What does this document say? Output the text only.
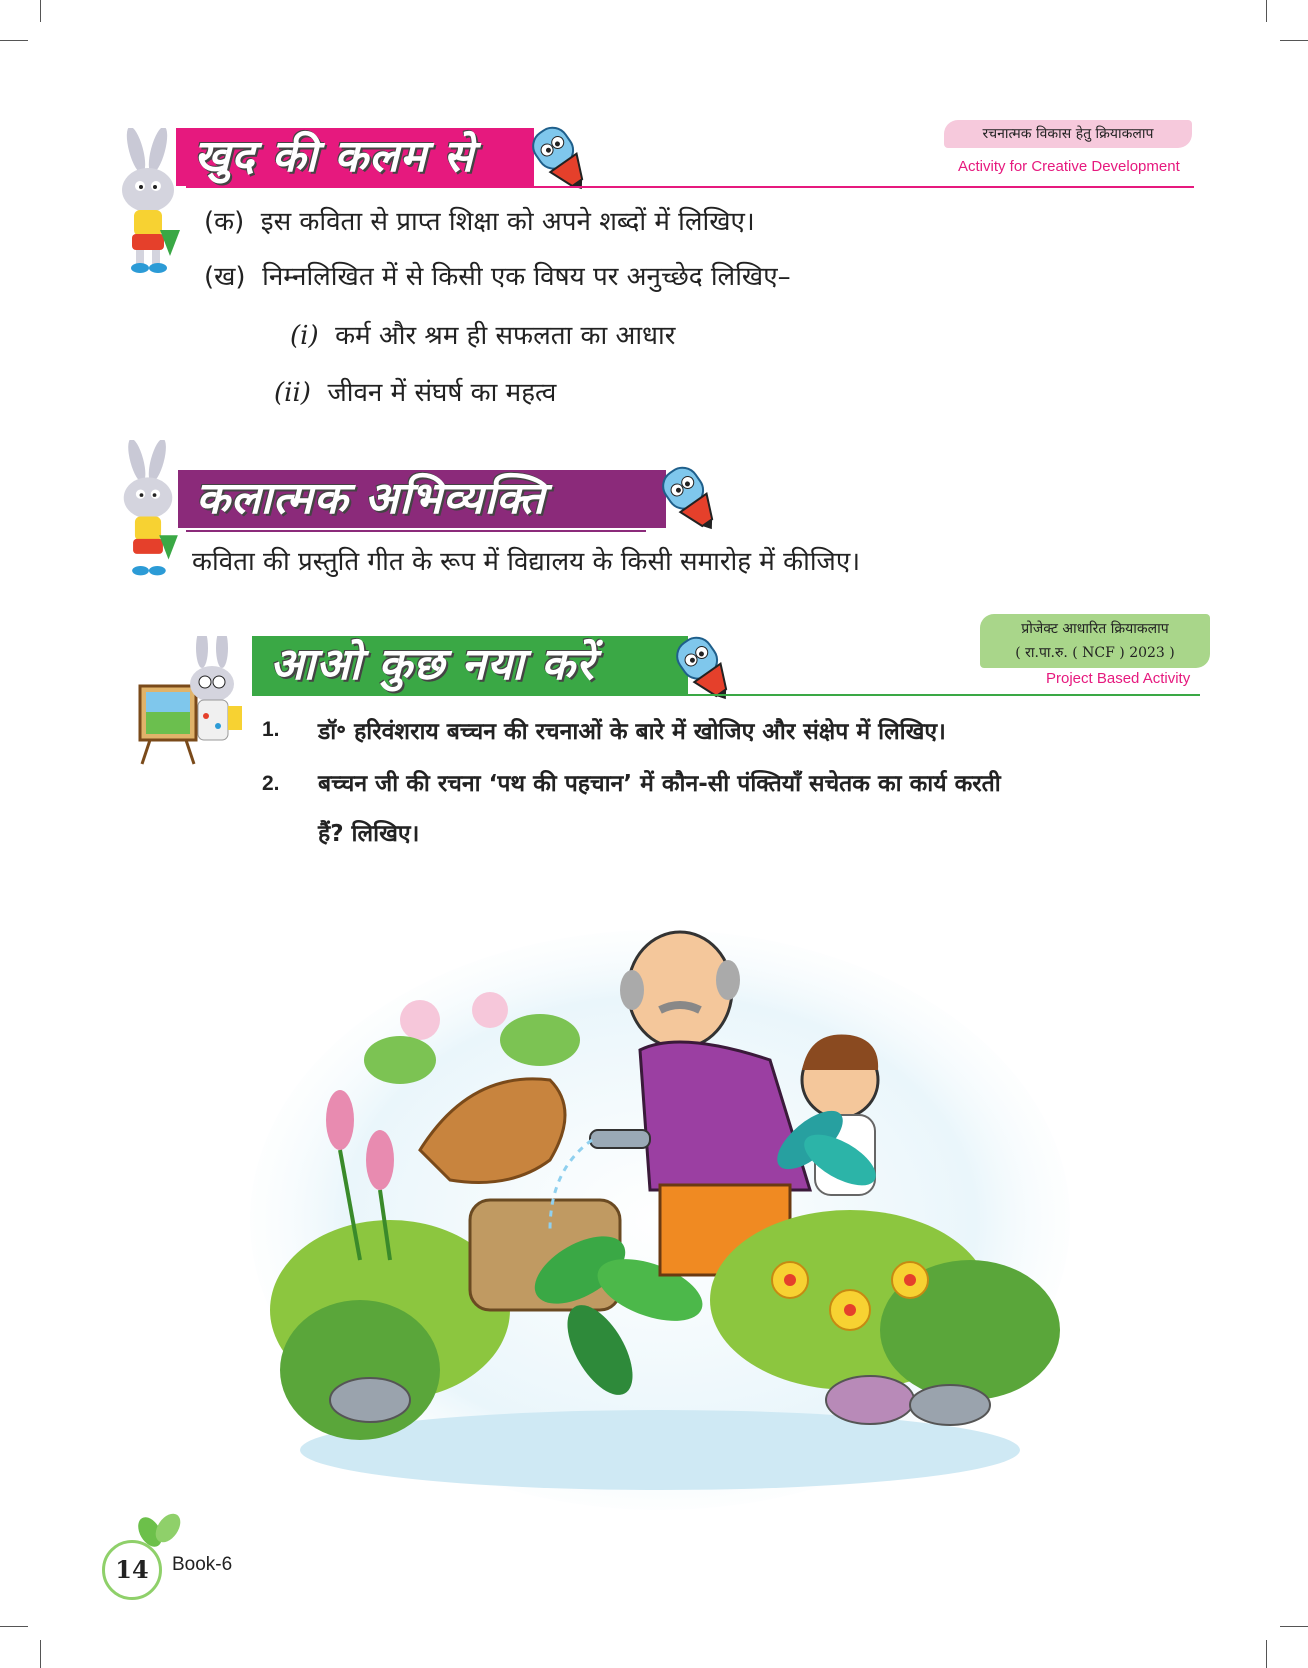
खुद की कलम से	रचनात्मक विकास हेतु क्रियाकलाप
Activity for Creative Development
(क) इस कविता से प्राप्त शिक्षा को अपने शब्दों में लिखिए।
(ख) निम्नलिखित में से किसी एक विषय पर अनुच्छेद लिखिए–
(i) कर्म और श्रम ही सफलता का आधार
(ii) जीवन में संघर्ष का महत्व
कलात्मक अभिव्यक्ति
कविता की प्रस्तुति गीत के रूप में विद्यालय के किसी समारोह में कीजिए।
आओ कुछ नया करें
प्रोजेक्ट आधारित क्रियाकलाप
( रा.पा.रु. ( NCF ) 2023 )
Project Based Activity
1. डॉ॰ हरिवंशराय बच्चन की रचनाओं के बारे में खोजिए और संक्षेप में लिखिए।
2. बच्चन जी की रचना ‘पथ की पहचान’ में कौन-सी पंक्तियाँ सचेतक का कार्य करती
हैं? लिखिए।
14	Book-6
